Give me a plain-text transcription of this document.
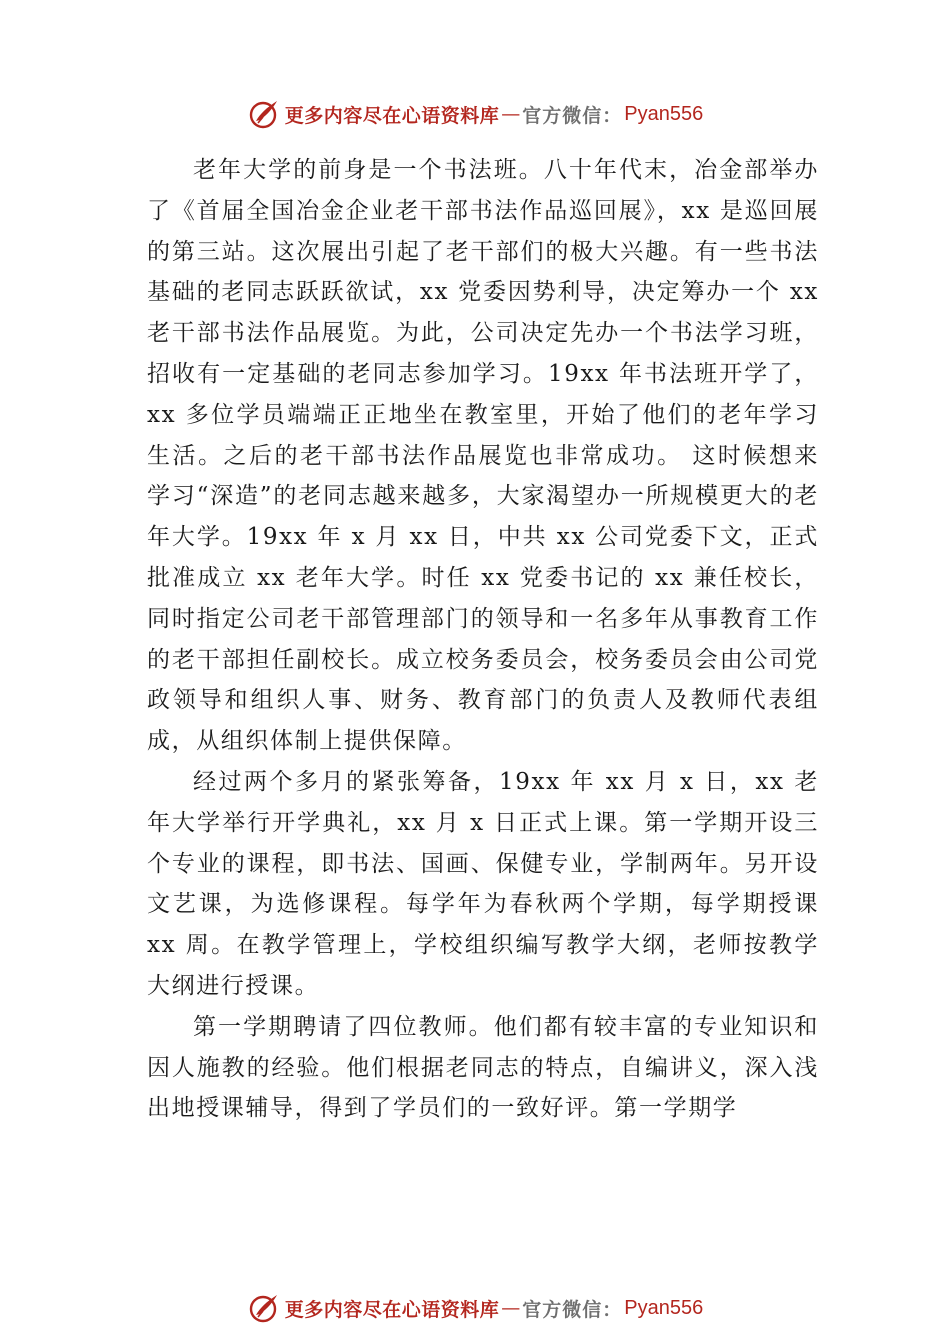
更多内容尽在心语资料库 — 官方微信： Pyan556

老年大学的前身是一个书法班。八十年代末，冶金部举办了《首届全国冶金企业老干部书法作品巡回展》，xx 是巡回展的第三站。这次展出引起了老干部们的极大兴趣。有一些书法基础的老同志跃跃欲试，xx 党委因势利导，决定筹办一个 xx 老干部书法作品展览。为此，公司决定先办一个书法学习班，招收有一定基础的老同志参加学习。19xx 年书法班开学了，xx 多位学员端端正正地坐在教室里，开始了他们的老年学习生活。之后的老干部书法作品展览也非常成功。 这时候想来学习“深造”的老同志越来越多，大家渴望办一所规模更大的老年大学。19xx 年 x 月 xx 日，中共 xx 公司党委下文，正式批准成立 xx 老年大学。时任 xx 党委书记的 xx 兼任校长，同时指定公司老干部管理部门的领导和一名多年从事教育工作的老干部担任副校长。成立校务委员会，校务委员会由公司党政领导和组织人事、财务、教育部门的负责人及教师代表组成，从组织体制上提供保障。

经过两个多月的紧张筹备，19xx 年 xx 月 x 日，xx 老年大学举行开学典礼，xx 月 x 日正式上课。第一学期开设三个专业的课程，即书法、国画、保健专业，学制两年。另开设文艺课，为选修课程。每学年为春秋两个学期，每学期授课 xx 周。在教学管理上，学校组织编写教学大纲，老师按教学大纲进行授课。

第一学期聘请了四位教师。他们都有较丰富的专业知识和因人施教的经验。他们根据老同志的特点，自编讲义，深入浅出地授课辅导，得到了学员们的一致好评。第一学期学

更多内容尽在心语资料库 — 官方微信： Pyan556
